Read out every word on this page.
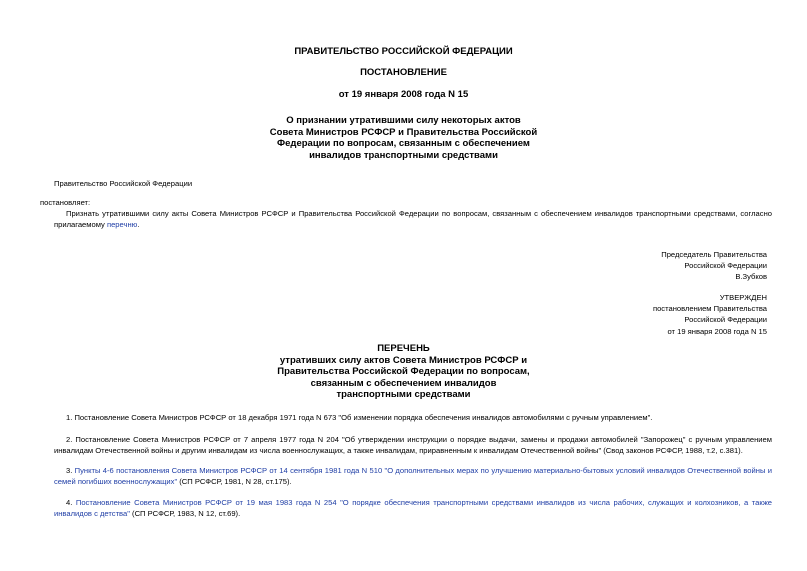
ПРАВИТЕЛЬСТВО РОССИЙСКОЙ ФЕДЕРАЦИИ
ПОСТАНОВЛЕНИЕ
от 19 января 2008 года N 15
О признании утратившими силу некоторых актов
Совета Министров РСФСР и Правительства Российской
Федерации по вопросам, связанным с обеспечением
инвалидов транспортными средствами
Правительство Российской Федерации
постановляет:
Признать утратившими силу акты Совета Министров РСФСР и Правительства Российской Федерации по вопросам, связанным с обеспечением инвалидов транспортными средствами, согласно прилагаемому перечню.
Председатель Правительства
Российской Федерации
В.Зубков
УТВЕРЖДЕН
постановлением Правительства
Российской Федерации
от 19 января 2008 года N 15
ПЕРЕЧЕНЬ
утративших силу актов Совета Министров РСФСР и
Правительства Российской Федерации по вопросам,
связанным с обеспечением инвалидов
транспортными средствами
1. Постановление Совета Министров РСФСР от 18 декабря 1971 года N 673 "Об изменении порядка обеспечения инвалидов автомобилями с ручным управлением".
2. Постановление Совета Министров РСФСР от 7 апреля 1977 года N 204 "Об утверждении инструкции о порядке выдачи, замены и продажи автомобилей "Запорожец" с ручным управлением инвалидам Отечественной войны и другим инвалидам из числа военнослужащих, а также инвалидам, приравненным к инвалидам Отечественной войны" (Свод законов РСФСР, 1988, т.2, с.381).
3. Пункты 4-6 постановления Совета Министров РСФСР от 14 сентября 1981 года N 510 "О дополнительных мерах по улучшению материально-бытовых условий инвалидов Отечественной войны и семей погибших военнослужащих" (СП РСФСР, 1981, N 28, ст.175).
4. Постановление Совета Министров РСФСР от 19 мая 1983 года N 254 "О порядке обеспечения транспортными средствами инвалидов из числа рабочих, служащих и колхозников, а также инвалидов с детства" (СП РСФСР, 1983, N 12, ст.69).
